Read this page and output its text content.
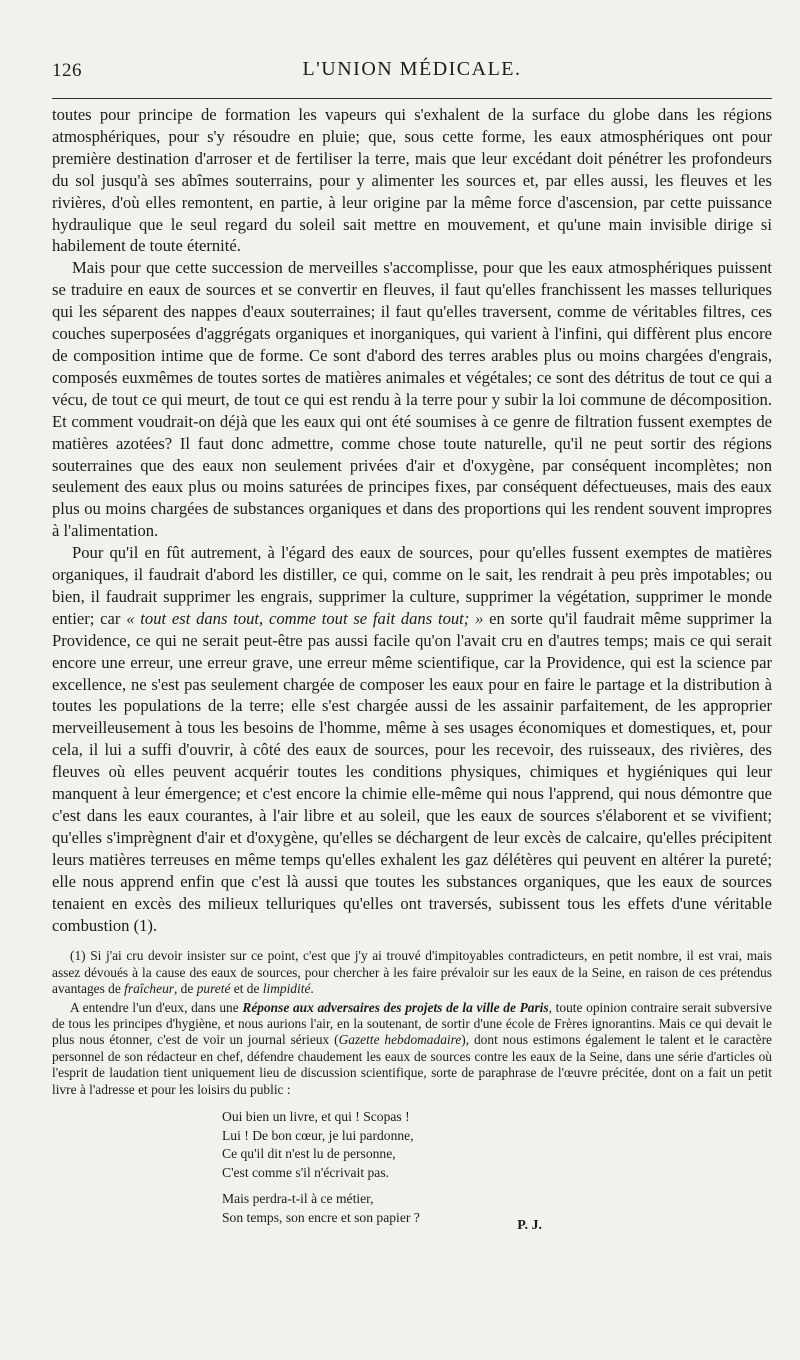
126	L'UNION MÉDICALE.

toutes pour principe de formation les vapeurs qui s'exhalent de la surface du globe dans les régions atmosphériques, pour s'y résoudre en pluie; que, sous cette forme, les eaux atmosphériques ont pour première destination d'arroser et de fertiliser la terre, mais que leur excédant doit pénétrer les profondeurs du sol jusqu'à ses abîmes souterrains, pour y alimenter les sources et, par elles aussi, les fleuves et les rivières, d'où elles remontent, en partie, à leur origine par la même force d'ascension, par cette puissance hydraulique que le seul regard du soleil sait mettre en mouvement, et qu'une main invisible dirige si habilement de toute éternité.

Mais pour que cette succession de merveilles s'accomplisse, pour que les eaux atmosphériques puissent se traduire en eaux de sources et se convertir en fleuves, il faut qu'elles franchissent les masses telluriques qui les séparent des nappes d'eaux souterraines; il faut qu'elles traversent, comme de véritables filtres, ces couches superposées d'aggrégats organiques et inorganiques, qui varient à l'infini, qui diffèrent plus encore de composition intime que de forme. Ce sont d'abord des terres arables plus ou moins chargées d'engrais, composés euxmêmes de toutes sortes de matières animales et végétales; ce sont des détritus de tout ce qui a vécu, de tout ce qui meurt, de tout ce qui est rendu à la terre pour y subir la loi commune de décomposition. Et comment voudrait-on déjà que les eaux qui ont été soumises à ce genre de filtration fussent exemptes de matières azotées? Il faut donc admettre, comme chose toute naturelle, qu'il ne peut sortir des régions souterraines que des eaux non seulement privées d'air et d'oxygène, par conséquent incomplètes; non seulement des eaux plus ou moins saturées de principes fixes, par conséquent défectueuses, mais des eaux plus ou moins chargées de substances organiques et dans des proportions qui les rendent souvent impropres à l'alimentation.

Pour qu'il en fût autrement, à l'égard des eaux de sources, pour qu'elles fussent exemptes de matières organiques, il faudrait d'abord les distiller, ce qui, comme on le sait, les rendrait à peu près impotables; ou bien, il faudrait supprimer les engrais, supprimer la culture, supprimer la végétation, supprimer le monde entier; car « tout est dans tout, comme tout se fait dans tout; » en sorte qu'il faudrait même supprimer la Providence, ce qui ne serait peut-être pas aussi facile qu'on l'avait cru en d'autres temps; mais ce qui serait encore une erreur, une erreur grave, une erreur même scientifique, car la Providence, qui est la science par excellence, ne s'est pas seulement chargée de composer les eaux pour en faire le partage et la distribution à toutes les populations de la terre; elle s'est chargée aussi de les assainir parfaitement, de les approprier merveilleusement à tous les besoins de l'homme, même à ses usages économiques et domestiques, et, pour cela, il lui a suffi d'ouvrir, à côté des eaux de sources, pour les recevoir, des ruisseaux, des rivières, des fleuves où elles peuvent acquérir toutes les conditions physiques, chimiques et hygiéniques qui leur manquent à leur émergence; et c'est encore la chimie elle-même qui nous l'apprend, qui nous démontre que c'est dans les eaux courantes, à l'air libre et au soleil, que les eaux de sources s'élaborent et se vivifient; qu'elles s'imprègnent d'air et d'oxygène, qu'elles se déchargent de leur excès de calcaire, qu'elles précipitent leurs matières terreuses en même temps qu'elles exhalent les gaz délétères qui peuvent en altérer la pureté; elle nous apprend enfin que c'est là aussi que toutes les substances organiques, que les eaux de sources tenaient en excès des milieux telluriques qu'elles ont traversés, subissent tous les effets d'une véritable combustion (1).

(1) Si j'ai cru devoir insister sur ce point, c'est que j'y ai trouvé d'impitoyables contradicteurs, en petit nombre, il est vrai, mais assez dévoués à la cause des eaux de sources, pour chercher à les faire prévaloir sur les eaux de la Seine, en raison de ces prétendus avantages de fraîcheur, de pureté et de limpidité.

A entendre l'un d'eux, dans une Réponse aux adversaires des projets de la ville de Paris, toute opinion contraire serait subversive de tous les principes d'hygiène, et nous aurions l'air, en la soutenant, de sortir d'une école de Frères ignorantins. Mais ce qui devait le plus nous étonner, c'est de voir un journal sérieux (Gazette hebdomadaire), dont nous estimons également le talent et le caractère personnel de son rédacteur en chef, défendre chaudement les eaux de sources contre les eaux de la Seine, dans une série d'articles où l'esprit de laudation tient uniquement lieu de discussion scientifique, sorte de paraphrase de l'œuvre précitée, dont on a fait un petit livre à l'adresse et pour les loisirs du public :

Oui bien un livre, et qui ! Scopas !
Lui ! De bon cœur, je lui pardonne,
Ce qu'il dit n'est lu de personne,
C'est comme s'il n'écrivait pas.
Mais perdra-t-il à ce métier,
Son temps, son encre et son papier ?
P. J.
